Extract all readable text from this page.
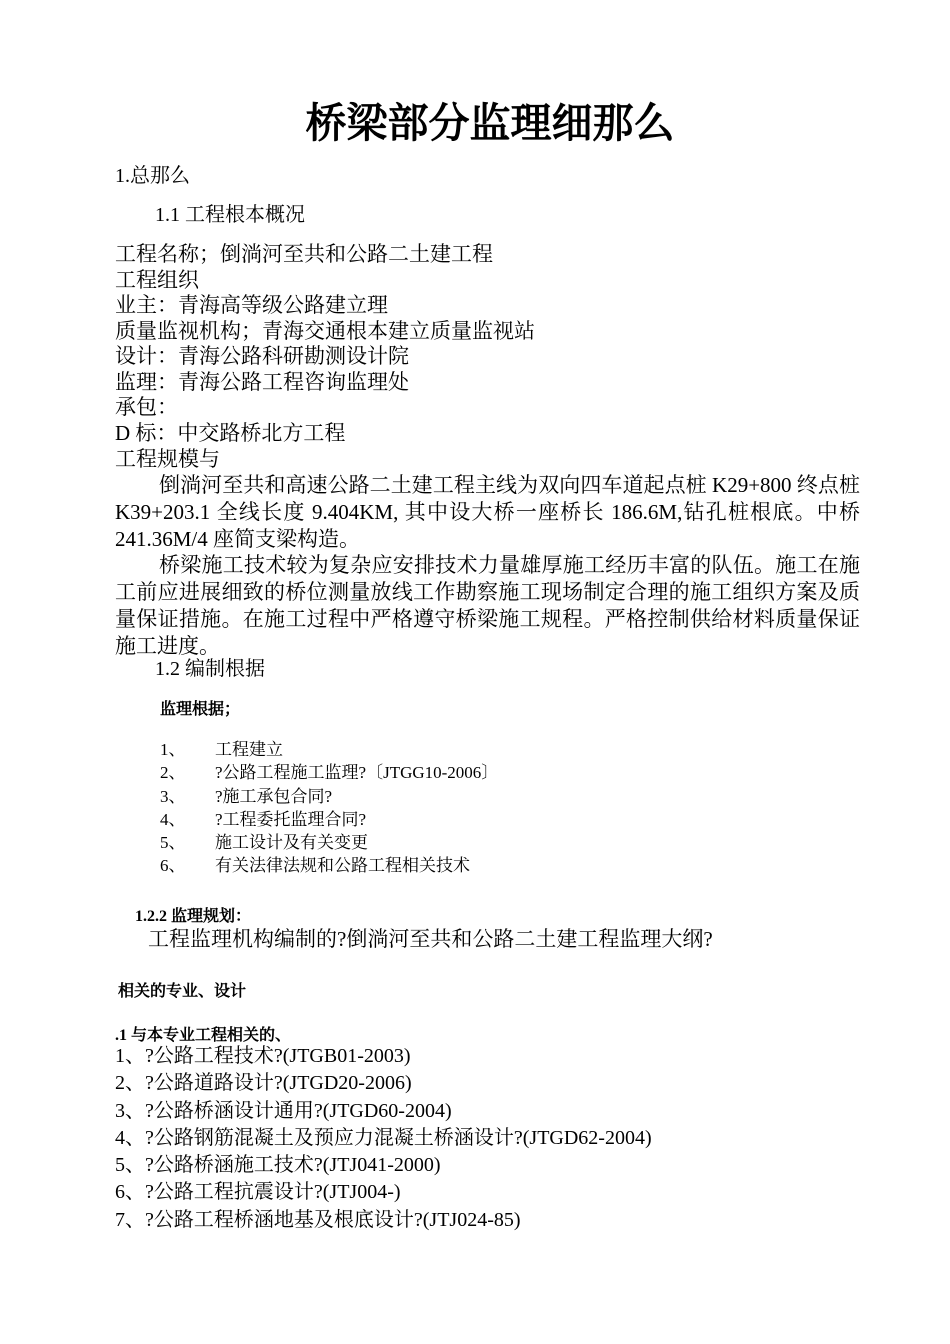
桥梁部分监理细那么
1.总那么
1.1 工程根本概况
工程名称；倒淌河至共和公路二土建工程
工程组织
业主：青海高等级公路建立理
质量监视机构；青海交通根本建立质量监视站
设计：青海公路科研勘测设计院
监理：青海公路工程咨询监理处
承包：
D 标：中交路桥北方工程
工程规模与
倒淌河至共和高速公路二土建工程主线为双向四车道起点桩 K29+800 终点桩 K39+203.1 全线长度 9.404KM, 其中设大桥一座桥长 186.6M,钻孔桩根底。中桥 241.36M/4 座简支梁构造。
桥梁施工技术较为复杂应安排技术力量雄厚施工经历丰富的队伍。施工在施工前应进展细致的桥位测量放线工作勘察施工现场制定合理的施工组织方案及质量保证措施。在施工过程中严格遵守桥梁施工规程。严格控制供给材料质量保证施工进度。
1.2 编制根据
监理根据；
1、 工程建立
2、 ?公路工程施工监理?〔JTGG10-2006〕
3、 ?施工承包合同?
4、 ?工程委托监理合同?
5、 施工设计及有关变更
6、 有关法律法规和公路工程相关技术
1.2.2 监理规划：
工程监理机构编制的?倒淌河至共和公路二土建工程监理大纲?
相关的专业、设计
.1 与本专业工程相关的、
1、?公路工程技术?(JTGB01-2003)
2、?公路道路设计?(JTGD20-2006)
3、?公路桥涵设计通用?(JTGD60-2004)
4、?公路钢筋混凝土及预应力混凝土桥涵设计?(JTGD62-2004)
5、?公路桥涵施工技术?(JTJ041-2000)
6、?公路工程抗震设计?(JTJ004-)
7、?公路工程桥涵地基及根底设计?(JTJ024-85)
